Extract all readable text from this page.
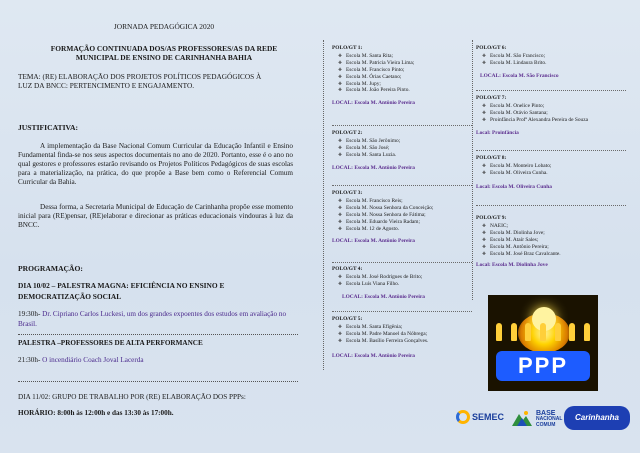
JORNADA PEDAGÓGICA 2020
FORMAÇÃO CONTINUADA DOS/AS PROFESSORES/AS DA REDE
MUNICIPAL DE ENSINO DE CARINHANHA BAHIA
TEMA: (RE) ELABORAÇÃO DOS PROJETOS POLÍTICOS PEDAGÓGICOS À
LUZ DA BNCC: PERTENCIMENTO E ENGAJAMENTO.
JUSTIFICATIVA:
A implementação da Base Nacional Comum Curricular da Educação Infantil e Ensino Fundamental finda-se nos seus aspectos documentais no ano de 2020. Portanto, esse é o ano no qual gestores e professores estarão revisando os Projetos Políticos Pedagógicos de suas escolas para a materialização, na prática, do que propõe a Base bem como o Referencial Comum Curricular da Bahia.
Dessa forma, a Secretaria Municipal de Educação de Carinhanha propõe esse momento inicial para (RE)pensar, (RE)elaborar e direcionar as práticas educacionais vindouras à luz da BNCC.
PROGRAMAÇÃO:
DIA 10/02 – PALESTRA MAGNA: EFICIÊNCIA NO ENSINO E
DEMOCRATIZAÇÃO SOCIAL
19:30h- Dr. Cipriano Carlos Luckesi, um dos grandes expoentes dos estudos em avaliação no Brasil.
PALESTRA –PROFESSORES DE ALTA PERFORMANCE
21:30h- O incendiário Coach Joval Lacerda
DIA 11/02: GRUPO DE TRABALHO POR (RE) ELABORAÇÃO DOS PPPs:
HORÁRIO: 8:00h às 12:00h e das 13:30 às 17:00h.
POLO/GT 1:
❖ Escola M. Santa Rita;
❖ Escola M. Patricia Vieira Lima;
❖ Escola M. Francisco Pinto;
❖ Escola M. Órias Caetano;
❖ Escola M. Jupy;
❖ Escola M. João Pereira Pinto.
LOCAL: Escola M. Antônio Pereira
POLO/GT 2:
❖ Escola M. São Jerônimo;
❖ Escola M. São José;
❖ Escola M. Santa Luzia.
LOCAL: Escola M. Antônio Pereira
POLO/GT 3:
❖ Escola M. Francisco Reis;
❖ Escola M. Nossa Senhora da Conceição;
❖ Escola M. Nossa Senhora de Fátima;
❖ Escola M. Eduardo Vieira Radam;
❖ Escola M. 12 de Agosto.
LOCAL: Escola M. Antônio Pereira
POLO/GT 4:
❖ Escola M. José Rodrigues de Brito;
❖ Escola Luís Viana Filho.
LOCAL: Escola M. Antônio Pereira
POLO/GT 5:
❖ Escola M. Santa Efigênia;
❖ Escola M. Padre Manoel da Nóbrega;
❖ Escola M. Basílio Ferreira Gonçalves.
LOCAL: Escola M. Antônio Pereira
POLO/GT 6:
❖ Escola M. São Francisco;
❖ Escola M. Lindaura Brito.
LOCAL: Escola M. São Francisco
POLO/GT 7:
❖ Escola M. Onelice Pinto;
❖ Escola M. Otávio Santana;
❖ Proinfância Profª Alexandra Pereira de Souza
Local: Proinfância
POLO/GT 8:
❖ Escola M. Monteiro Lobato;
❖ Escola M. Oliveira Cunha.
Local: Escola M. Oliveira Cunha
POLO/GT 9:
❖ NAEIC;
❖ Escola M. Diolinha Jove;
❖ Escola M. Ataír Sales;
❖ Escola M. Antônio Pereira;
❖ Escola M. José Braz Cavalcante.
Local: Escola M. Diolinha Jove
PPP
SEMEC	BASE
NACIONAL
COMUM
Carinhanha
